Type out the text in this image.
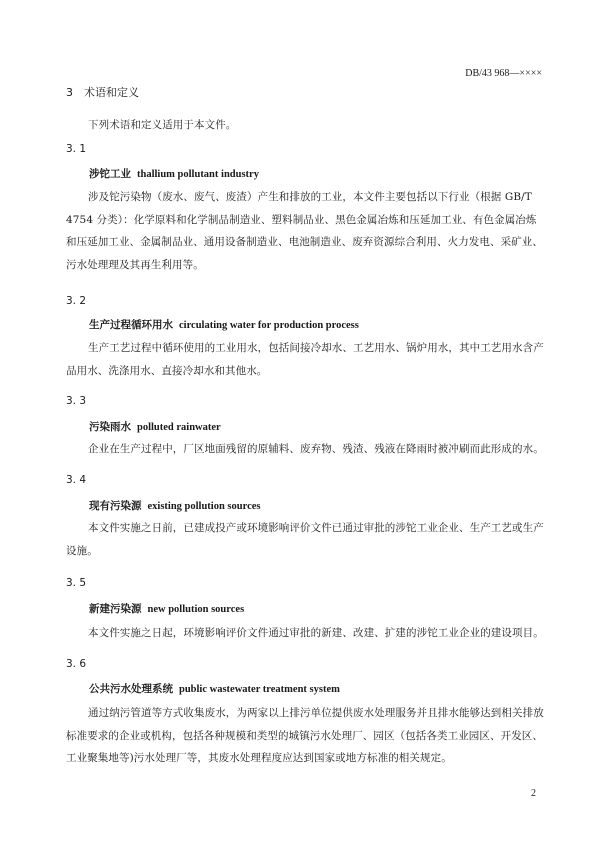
DB/43 968—××××
3 术语和定义
下列术语和定义适用于本文件。
3. 1
涉铊工业 thallium pollutant industry
涉及铊污染物（废水、废气、废渣）产生和排放的工业，本文件主要包括以下行业（根据 GB/T 4754 分类）：化学原料和化学制品制造业、塑料制品业、黑色金属冶炼和压延加工业、有色金属冶炼和压延加工业、金属制品业、通用设备制造业、电池制造业、废弃资源综合利用、火力发电、采矿业、污水处理理及其再生利用等。
3. 2
生产过程循环用水 circulating water for production process
生产工艺过程中循环使用的工业用水，包括间接冷却水、工艺用水、锅炉用水，其中工艺用水含产品用水、洗涤用水、直接冷却水和其他水。
3. 3
污染雨水 polluted rainwater
企业在生产过程中，厂区地面残留的原辅料、废弃物、残渣、残液在降雨时被冲刷而此形成的水。
3. 4
现有污染源 existing pollution sources
本文件实施之日前，已建成投产或环境影响评价文件已通过审批的涉铊工业企业、生产工艺或生产设施。
3. 5
新建污染源 new pollution sources
本文件实施之日起，环境影响评价文件通过审批的新建、改建、扩建的涉铊工业企业的建设项目。
3. 6
公共污水处理系统 public wastewater treatment system
通过纳污管道等方式收集废水，为两家以上排污单位提供废水处理服务并且排水能够达到相关排放标准要求的企业或机构，包括各种规模和类型的城镇污水处理厂、园区（包括各类工业园区、开发区、工业聚集地等)污水处理厂等，其废水处理程度应达到国家或地方标准的相关规定。
2
